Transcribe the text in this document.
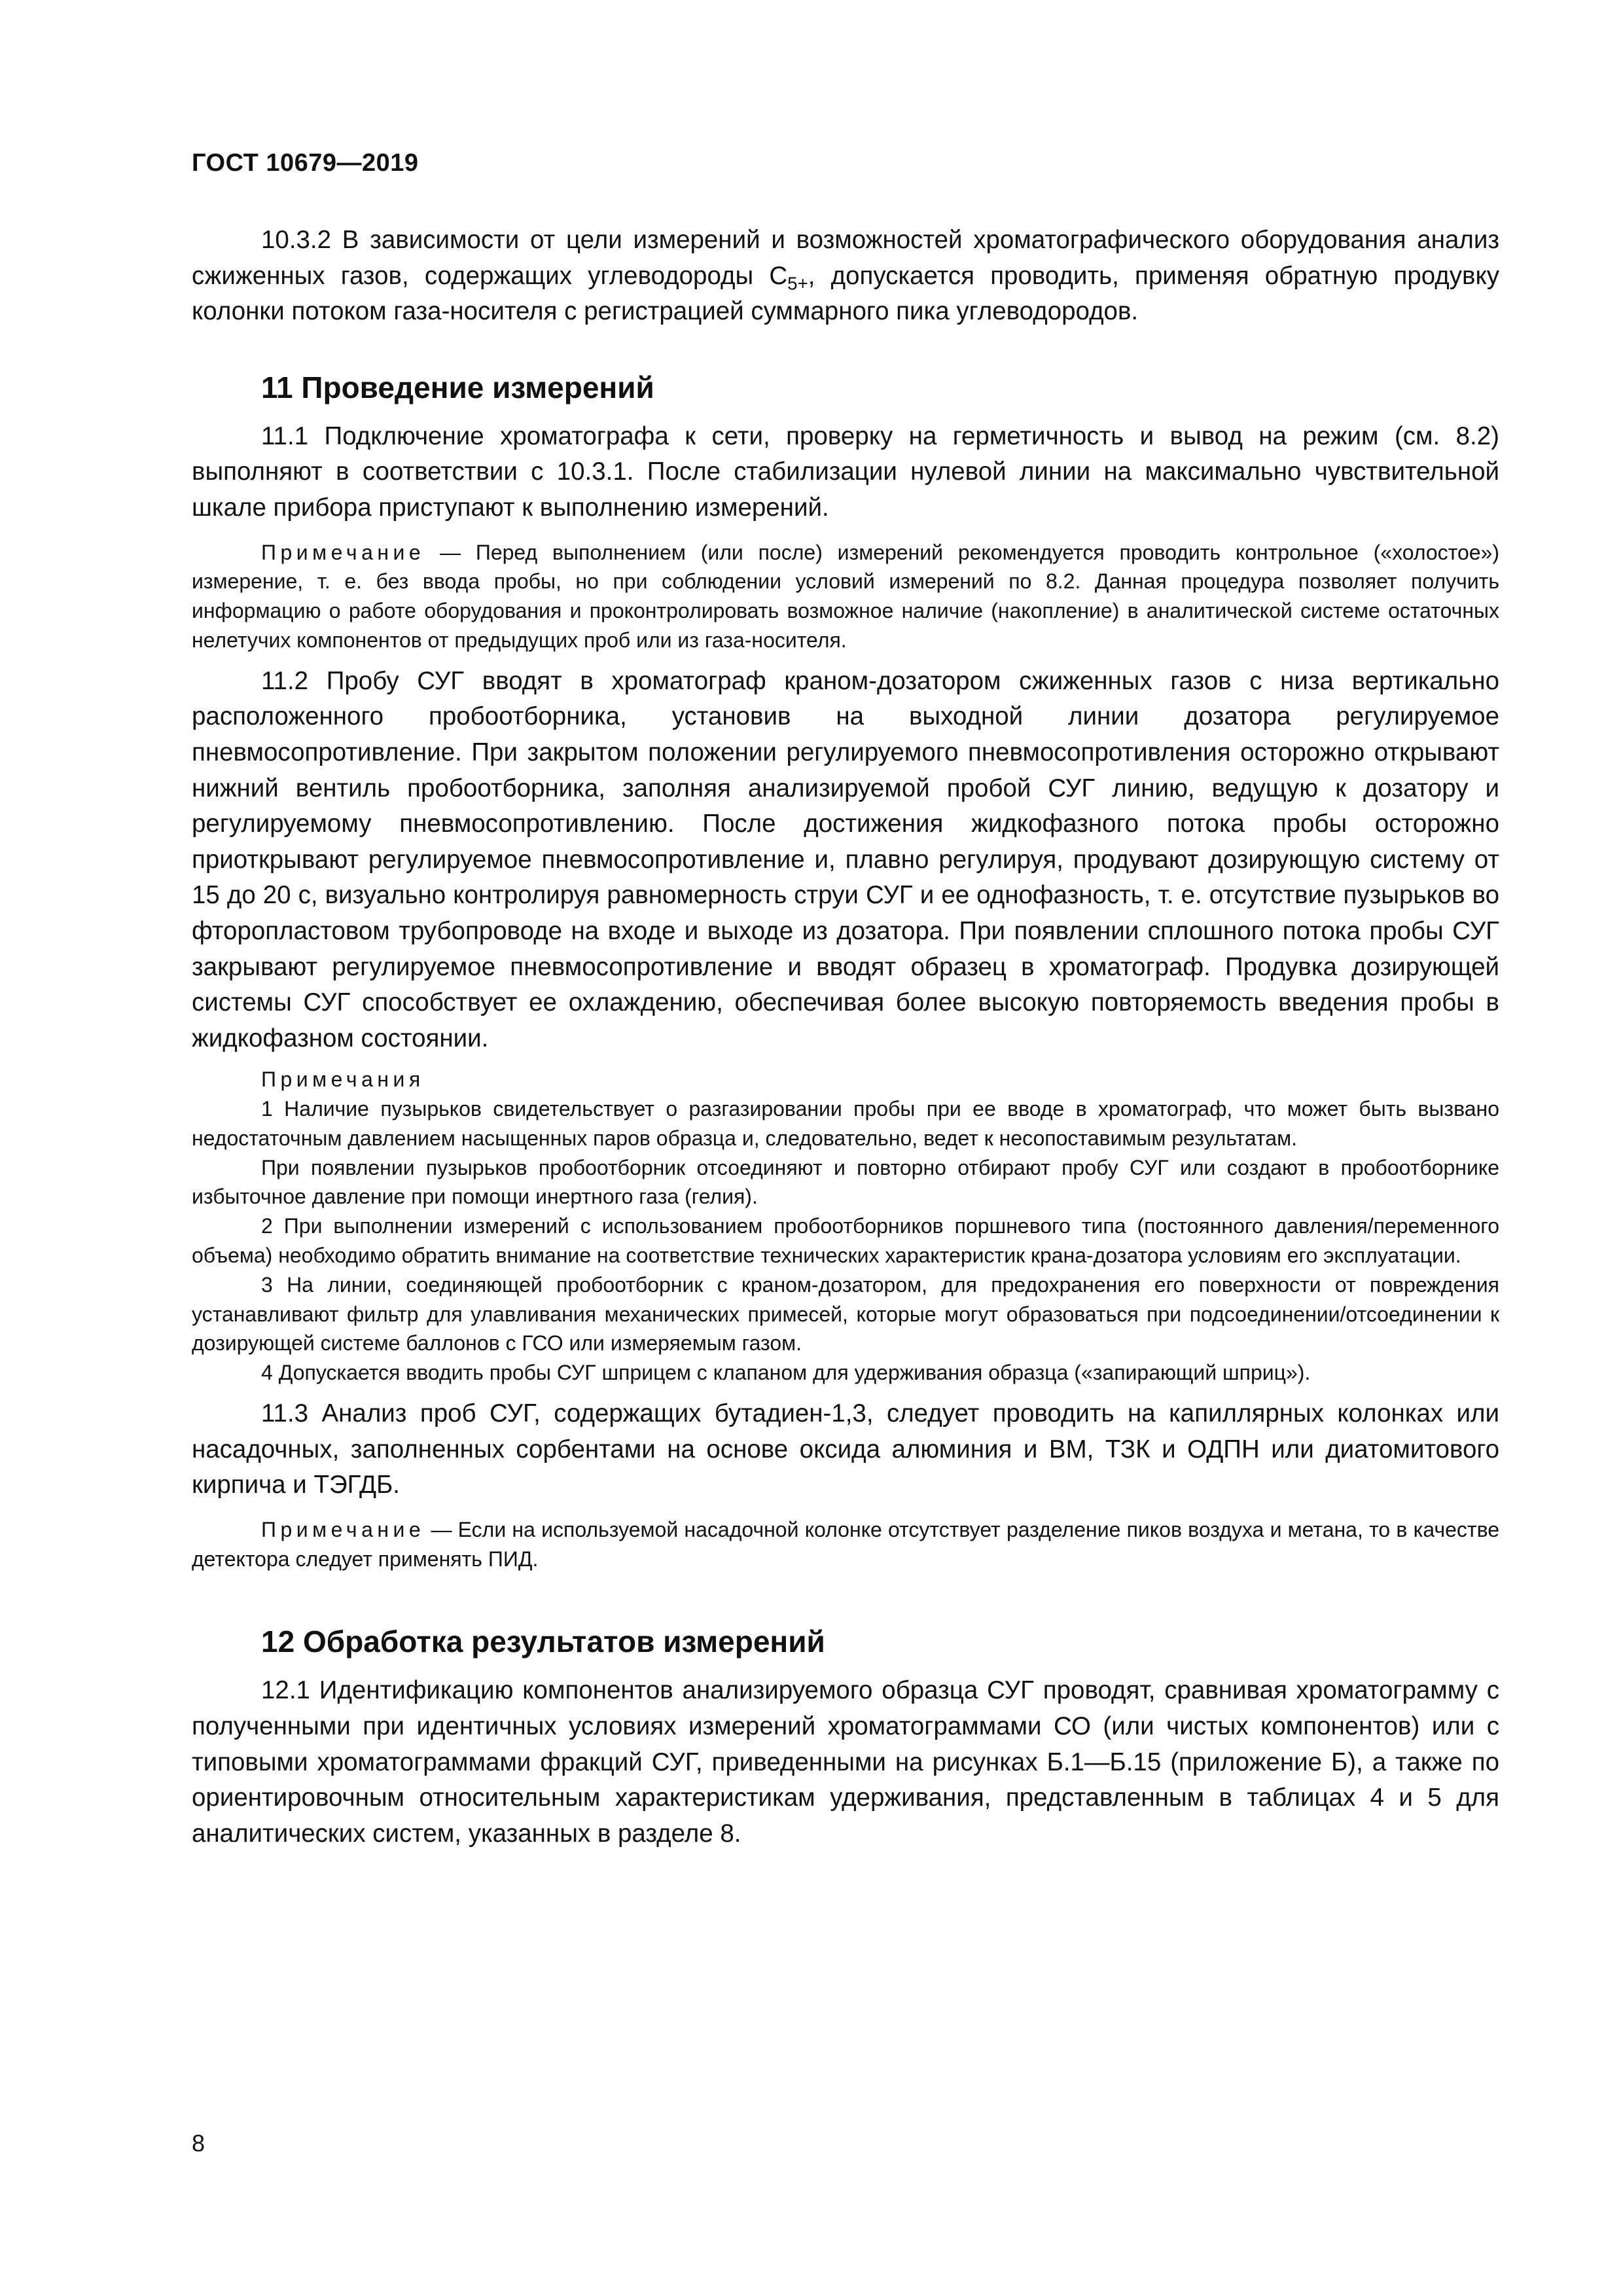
ГОСТ 10679—2019

10.3.2 В зависимости от цели измерений и возможностей хроматографического оборудования анализ сжиженных газов, содержащих углеводороды $С_{5+}$, допускается проводить, применяя обратную продувку колонки потоком газа-носителя с регистрацией суммарного пика углеводородов.

11 Проведение измерений

11.1 Подключение хроматографа к сети, проверку на герметичность и вывод на режим (см. 8.2) выполняют в соответствии с 10.3.1. После стабилизации нулевой линии на максимально чувствительной шкале прибора приступают к выполнению измерений.

Примечание — Перед выполнением (или после) измерений рекомендуется проводить контрольное («холостое») измерение, т. е. без ввода пробы, но при соблюдении условий измерений по 8.2. Данная процедура позволяет получить информацию о работе оборудования и проконтролировать возможное наличие (накопление) в аналитической системе остаточных нелетучих компонентов от предыдущих проб или из газа-носителя.

11.2 Пробу СУГ вводят в хроматограф краном-дозатором сжиженных газов с низа вертикально расположенного пробоотборника, установив на выходной линии дозатора регулируемое пневмосопротивление. При закрытом положении регулируемого пневмосопротивления осторожно открывают нижний вентиль пробоотборника, заполняя анализируемой пробой СУГ линию, ведущую к дозатору и регулируемому пневмосопротивлению. После достижения жидкофазного потока пробы осторожно приоткрывают регулируемое пневмосопротивление и, плавно регулируя, продувают дозирующую систему от 15 до 20 с, визуально контролируя равномерность струи СУГ и ее однофазность, т. е. отсутствие пузырьков во фторопластовом трубопроводе на входе и выходе из дозатора. При появлении сплошного потока пробы СУГ закрывают регулируемое пневмосопротивление и вводят образец в хроматограф. Продувка дозирующей системы СУГ способствует ее охлаждению, обеспечивая более высокую повторяемость введения пробы в жидкофазном состоянии.

Примечания

1 Наличие пузырьков свидетельствует о разгазировании пробы при ее вводе в хроматограф, что может быть вызвано недостаточным давлением насыщенных паров образца и, следовательно, ведет к несопоставимым результатам.

При появлении пузырьков пробоотборник отсоединяют и повторно отбирают пробу СУГ или создают в пробоотборнике избыточное давление при помощи инертного газа (гелия).

2 При выполнении измерений с использованием пробоотборников поршневого типа (постоянного давления/переменного объема) необходимо обратить внимание на соответствие технических характеристик крана-дозатора условиям его эксплуатации.

3 На линии, соединяющей пробоотборник с краном-дозатором, для предохранения его поверхности от повреждения устанавливают фильтр для улавливания механических примесей, которые могут образоваться при подсоединении/отсоединении к дозирующей системе баллонов с ГСО или измеряемым газом.

4 Допускается вводить пробы СУГ шприцем с клапаном для удерживания образца («запирающий шприц»).

11.3 Анализ проб СУГ, содержащих бутадиен-1,3, следует проводить на капиллярных колонках или насадочных, заполненных сорбентами на основе оксида алюминия и ВМ, ТЗК и ОДПН или диатомитового кирпича и ТЭГДБ.

Примечание — Если на используемой насадочной колонке отсутствует разделение пиков воздуха и метана, то в качестве детектора следует применять ПИД.

12 Обработка результатов измерений

12.1 Идентификацию компонентов анализируемого образца СУГ проводят, сравнивая хроматограмму с полученными при идентичных условиях измерений хроматограммами СО (или чистых компонентов) или с типовыми хроматограммами фракций СУГ, приведенными на рисунках Б.1—Б.15 (приложение Б), а также по ориентировочным относительным характеристикам удерживания, представленным в таблицах 4 и 5 для аналитических систем, указанных в разделе 8.

8
